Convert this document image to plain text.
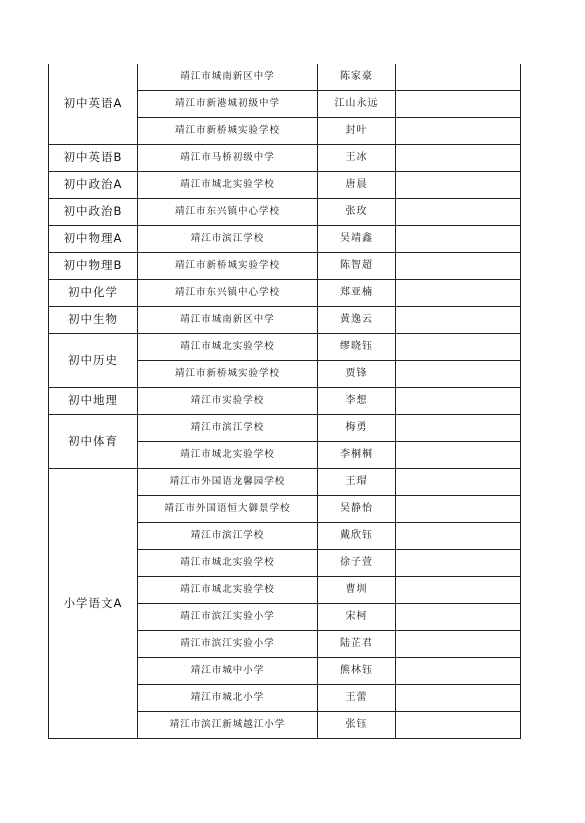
初中英语A	靖江市城南新区中学	陈家豪	
	靖江市新港城初级中学	江山永远	
	靖江市新桥城实验学校	封叶	
初中英语B	靖江市马桥初级中学	王冰	
初中政治A	靖江市城北实验学校	唐晨	
初中政治B	靖江市东兴镇中心学校	张玫	
初中物理A	靖江市滨江学校	吴靖鑫	
初中物理B	靖江市新桥城实验学校	陈智超	
初中化学	靖江市东兴镇中心学校	郑亚楠	
初中生物	靖江市城南新区中学	黄逸云	
初中历史	靖江市城北实验学校	缪晓钰	
	靖江市新桥城实验学校	贾锋	
初中地理	靖江市实验学校	李想	
初中体育	靖江市滨江学校	梅勇	
	靖江市城北实验学校	李桐桐	
小学语文A	靖江市外国语龙馨园学校	王瑁	
	靖江市外国语恒大御景学校	吴静怡	
	靖江市滨江学校	戴欣钰	
	靖江市城北实验学校	徐子萱	
	靖江市城北实验学校	曹圳	
	靖江市滨江实验小学	宋柯	
	靖江市滨江实验小学	陆芷君	
	靖江市城中小学	熊林钰	
	靖江市城北小学	王蕾	
	靖江市滨江新城越江小学	张钰	
